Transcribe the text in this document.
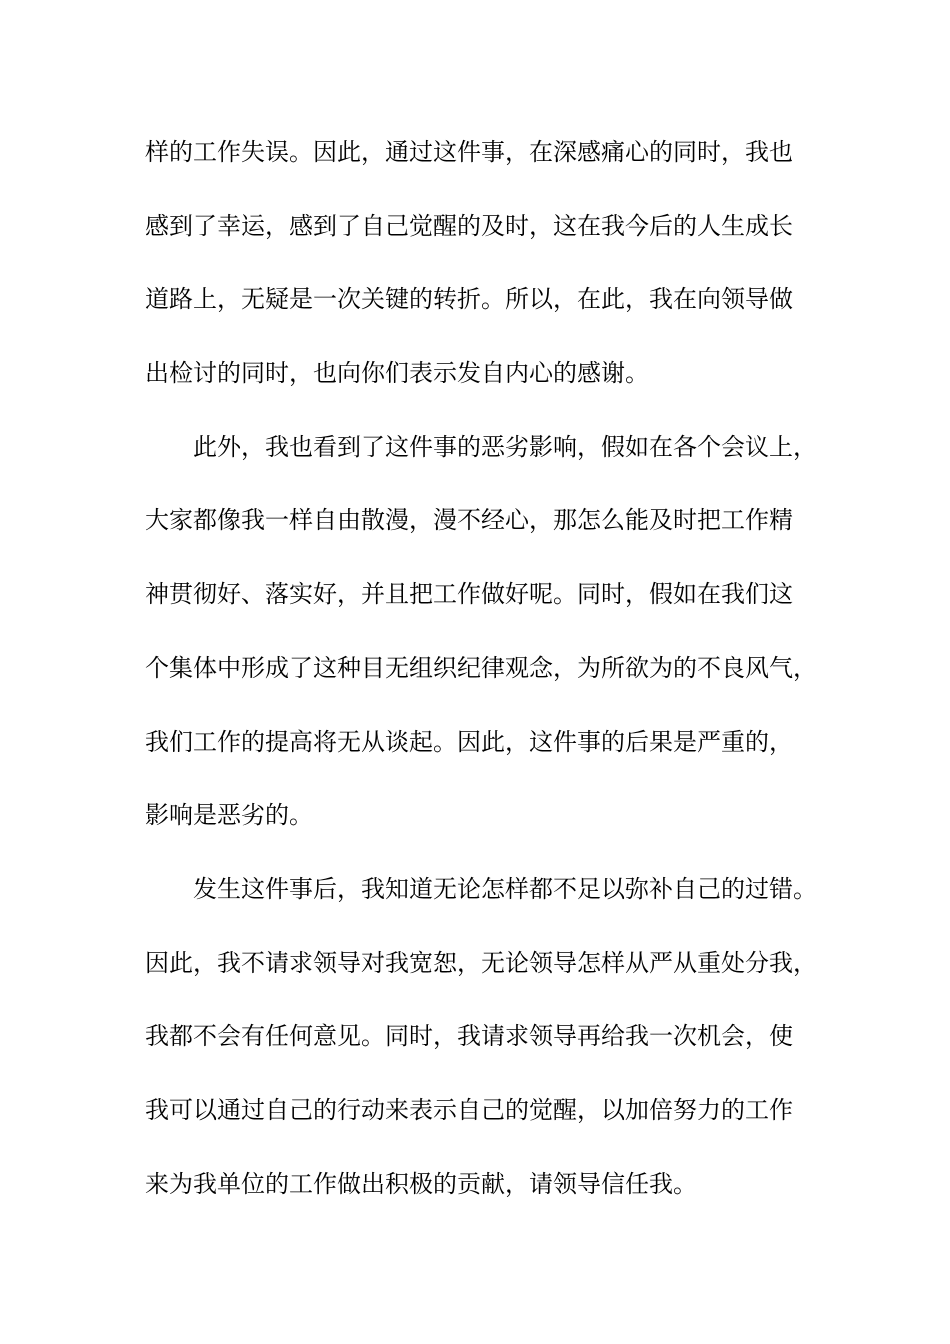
样的工作失误。因此，通过这件事，在深感痛心的同时，我也
感到了幸运，感到了自己觉醒的及时，这在我今后的人生成长
道路上，无疑是一次关键的转折。所以，在此，我在向领导做
出检讨的同时，也向你们表示发自内心的感谢。
此外，我也看到了这件事的恶劣影响，假如在各个会议上，
大家都像我一样自由散漫，漫不经心，那怎么能及时把工作精
神贯彻好、落实好，并且把工作做好呢。同时，假如在我们这
个集体中形成了这种目无组织纪律观念，为所欲为的不良风气，
我们工作的提高将无从谈起。因此，这件事的后果是严重的，
影响是恶劣的。
发生这件事后，我知道无论怎样都不足以弥补自己的过错。
因此，我不请求领导对我宽恕，无论领导怎样从严从重处分我，
我都不会有任何意见。同时，我请求领导再给我一次机会，使
我可以通过自己的行动来表示自己的觉醒，以加倍努力的工作
来为我单位的工作做出积极的贡献，请领导信任我。
